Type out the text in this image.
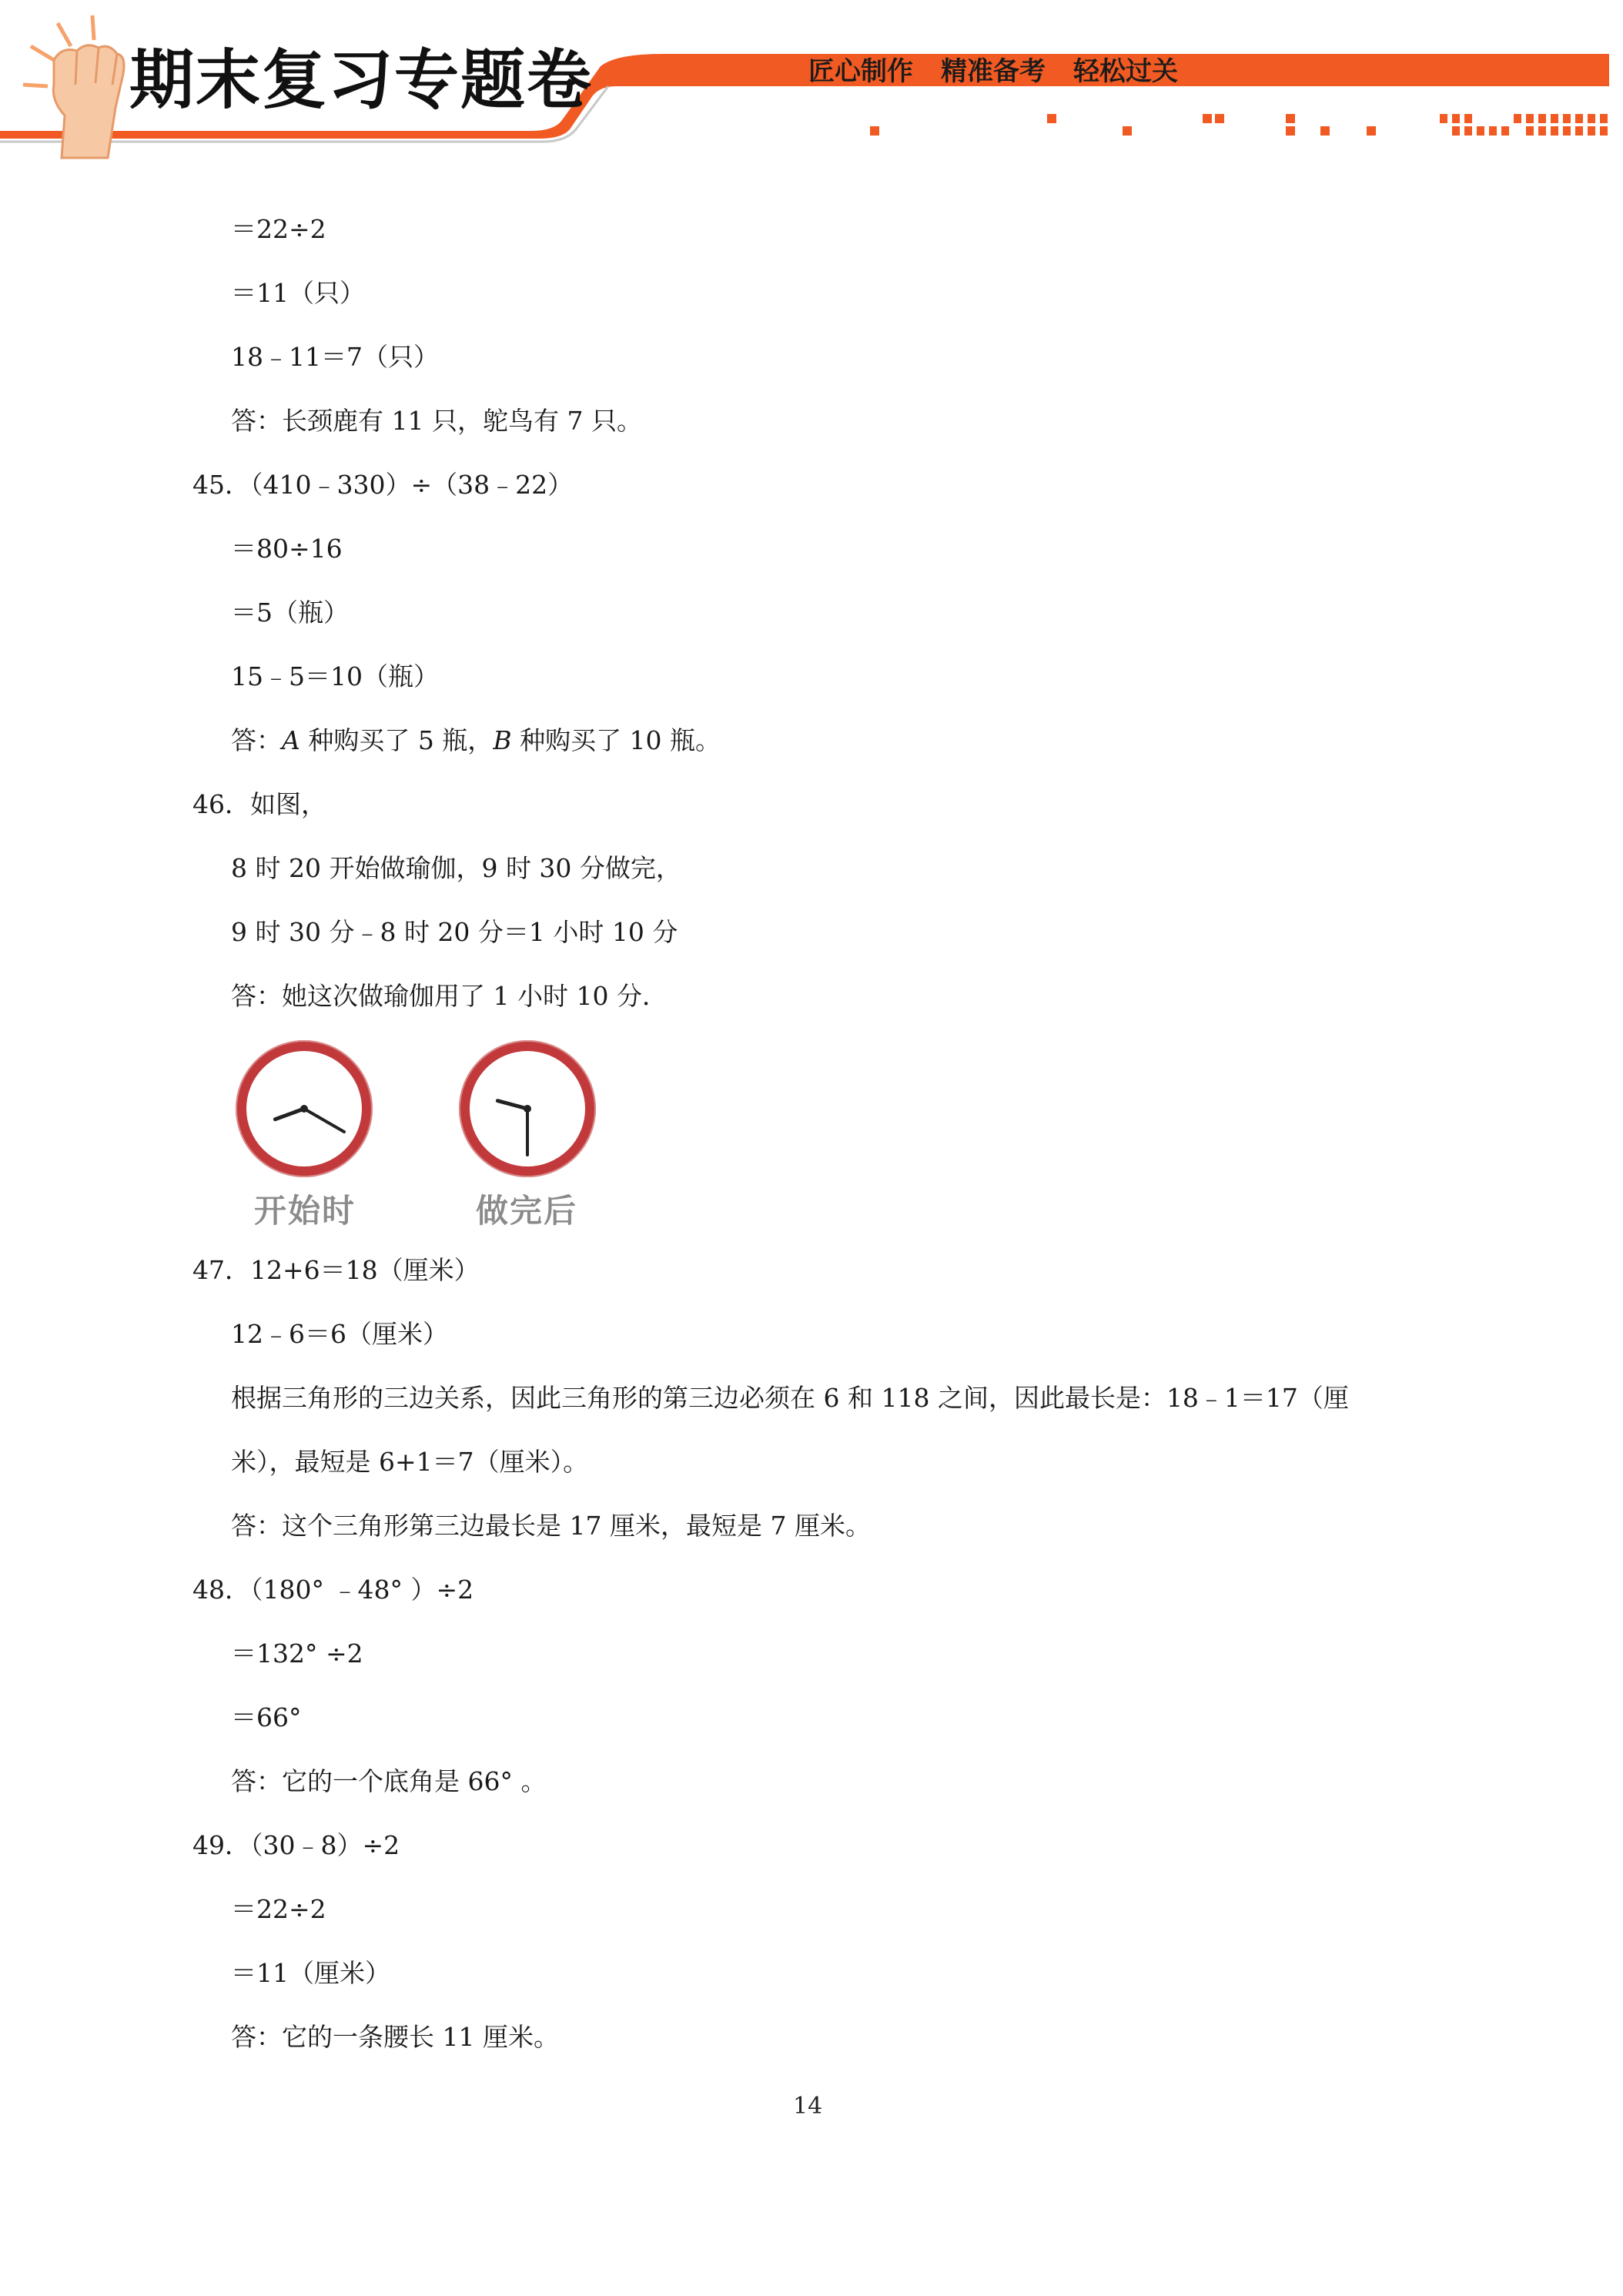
期末复习专题卷	匠心制作 精准备考 轻松过关
＝22÷2
＝11（只）
18﹣11＝7（只）
答：长颈鹿有 11 只，鸵鸟有 7 只。
45．（410﹣330）÷（38﹣22）
＝80÷16
＝5（瓶）
15﹣5＝10（瓶）
答：A 种购买了 5 瓶，B 种购买了 10 瓶。
46．如图，
8 时 20 开始做瑜伽，9 时 30 分做完，
9 时 30 分﹣8 时 20 分＝1 小时 10 分
答：她这次做瑜伽用了 1 小时 10 分．
开始时	做完后
47．12+6＝18（厘米）
12﹣6＝6（厘米）
根据三角形的三边关系，因此三角形的第三边必须在 6 和 118 之间，因此最长是：18﹣1＝17（厘
米），最短是 6+1＝7（厘米）。
答：这个三角形第三边最长是 17 厘米，最短是 7 厘米。
48．（180° ﹣48° ）÷2
＝132° ÷2
＝66°
答：它的一个底角是 66° 。
49．（30﹣8）÷2
＝22÷2
＝11（厘米）
答：它的一条腰长 11 厘米。
14
